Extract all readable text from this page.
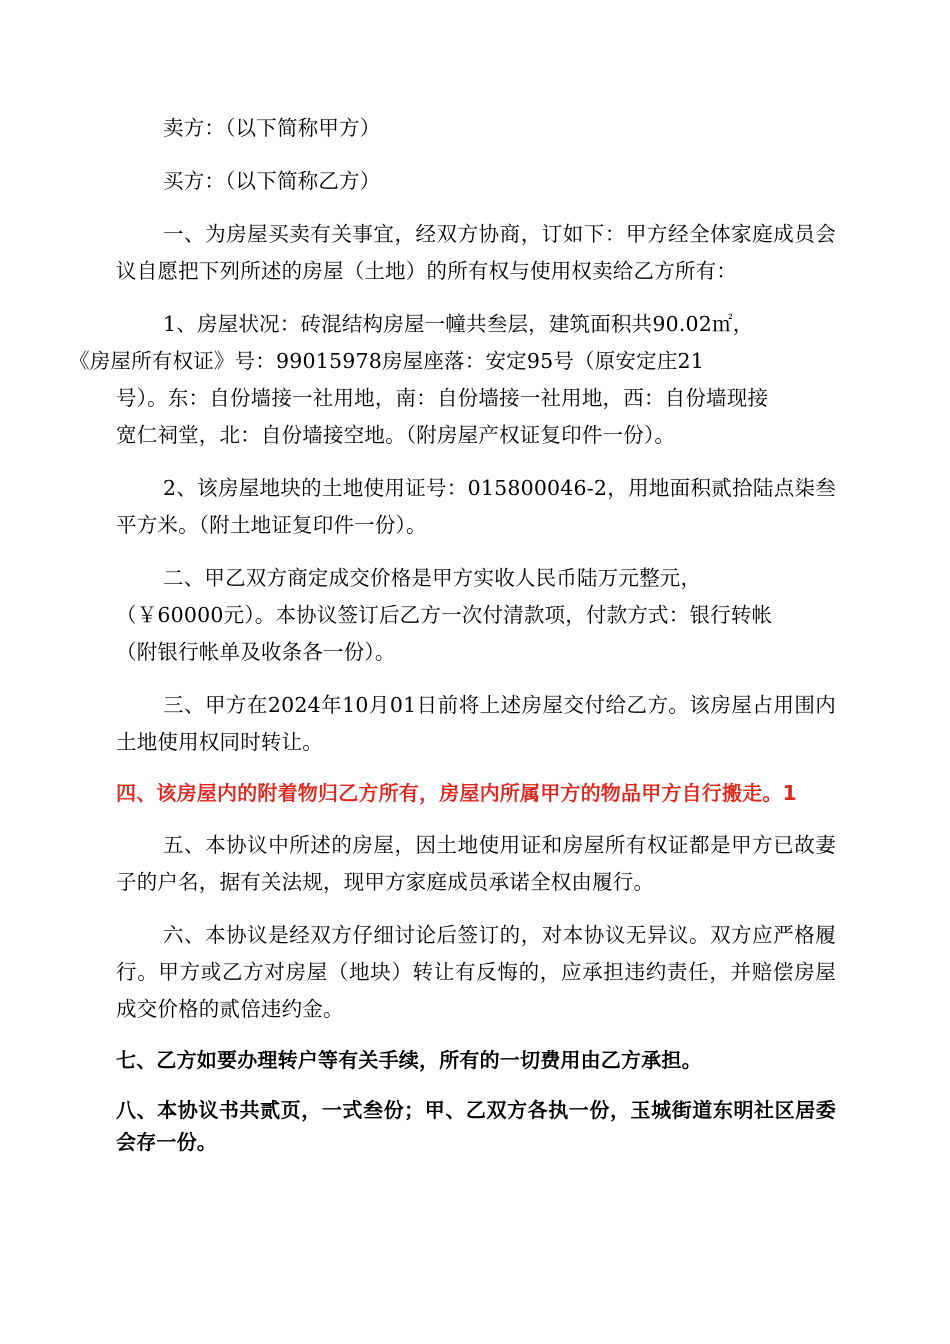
卖方：（以下简称甲方）

买方：（以下简称乙方）

一、为房屋买卖有关事宜，经双方协商，订如下：甲方经全体家庭成员会议自愿把下列所述的房屋（土地）的所有权与使用权卖给乙方所有：

1、房屋状况：砖混结构房屋一幢共叁层，建筑面积共90.02㎡，
《房屋所有权证》号：99015978房屋座落：安定95号（原安定庄21
号）。东：自份墙接一社用地，南：自份墙接一社用地，西：自份墙现接
宽仁祠堂，北：自份墙接空地。（附房屋产权证复印件一份）。

2、该房屋地块的土地使用证号：015800046-2，用地面积贰拾陆点柒叁平方米。（附土地证复印件一份）。

二、甲乙双方商定成交价格是甲方实收人民币陆万元整元，
（￥60000元）。本协议签订后乙方一次付清款项，付款方式：银行转帐
（附银行帐单及收条各一份）。

三、甲方在2024年10月01日前将上述房屋交付给乙方。该房屋占用围内土地使用权同时转让。

四、该房屋内的附着物归乙方所有，房屋内所属甲方的物品甲方自行搬走。1

五、本协议中所述的房屋，因土地使用证和房屋所有权证都是甲方已故妻子的户名，据有关法规，现甲方家庭成员承诺全权由履行。

六、本协议是经双方仔细讨论后签订的，对本协议无异议。双方应严格履行。甲方或乙方对房屋（地块）转让有反悔的，应承担违约责任，并赔偿房屋成交价格的贰倍违约金。

七、乙方如要办理转户等有关手续，所有的一切费用由乙方承担。

八、本协议书共贰页，一式叁份；甲、乙双方各执一份，玉城街道东明社区居委会存一份。
